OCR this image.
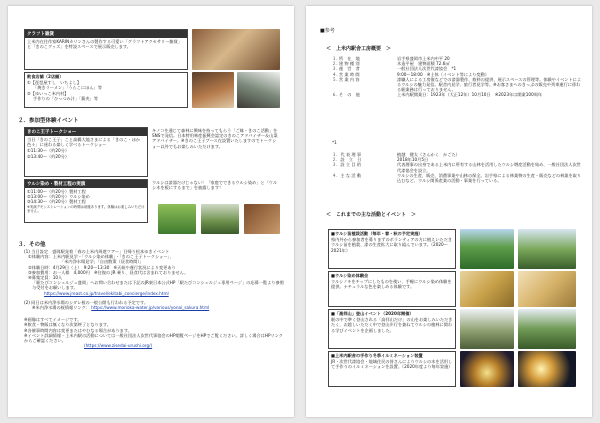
クラフト雑貨
上米内在住作家KARINカリンさんの製作する可愛い「グラフトアクセサリー雑貨」と「きのこグッズ」を特設スペースで展示販売します。
飲食店舗（2店舗）
①【琵琶屋すし　いちよし】
「焼きラーメン」「うらこにほん」等
②【ゆいっこ米内村】
手作りの「ひっつみ汁」「蕎麦」等
２．参加型体験イベント
きのこ王子トークショー
当日「きのこ王子」こと高橋大地さまによる「きのこ・ほか色々」に迷わる楽しく学べるトークショー
①11:30〜（約20分）
②13:40〜（約20分）
キノコを通じて森林に興味を持ってもらう「ご縁・きのこ活動」をSNSで発信。日本特用林産振興会認定のきのこアドバイザー＆山菜アドバイザー。※きのこ王子ブース在設置いたしますのでトークショー以外でもお楽しみいただけます。
ウルシ染め・製材工程の実演
①11:00〜（約20分）製材工程
②13:00〜（約20分）ウルシ染め
③14:30〜（約20分）製材工程
※実演デモンストレーションの時間は前後あります。体験はお楽しみいただけません。
ウルシは漆器だけじゃない！「家庭でできるウルシ染め」と「ウルシ木を板にするまで」を披露します！
３．その他
(1) 当日設定　盛岡駅発着「春の上米内周遊ツアー」日帰り松本ゆきイベント
①体験内容：上米内駅見学・「ウルシ染め体験」・「きのこ王子トークショー」、
「米内浄水場見学」「自由散策（昼食時間）」
②体験日時：4月29日（土）　9:20〜13:30　※天候や運行状況により変更あり
③参加費用：お一人様　4,000円　※往復の JR 乗り、昼食代は含まれておりません。
④募集定員：10人
「駅たびコンシェルジュ盛岡」へお問い合わせまたは下記のJR東日本公式HP「駅たびコンシェルジュ専用ページ」の応募一覧より参照与受付をお願いします。
https://www.jreast.co.jp/travel/ekitabi_concierge/index.html
(2) 同日は米内浄水場のシダレ桜の一般公開も行われる予定です。
※米内浄水場の桜情報リンク： https://www.morioka-water.jp/various/yonai_sakura.html
※画像はすべてイメージです。
※飲食・物販は無くなり次第終了となります。
※各催事時間内容は変更またはやむなる場合があります。
※イベント詳細情報・上米内駅の活動については一般社団法人次世代事協会のHP閲覧ページをHPでご覧ください。詳しく場合はHPリンクからご確認ください。
(https://www.zisedai-urushi.org/)
■参考
＜　上米内駅舎工房概要　＞
１. 所　在　地	岩手県盛岡市上米内中平 20
２. 建 物 種 別	木造平屋　建物面積 72.6㎡
３. 運　営　者	一般社団法人次世代漆協会　*1
４. 営 業 時 間	9:00〜18:00　※土休（イベント等により変動）
５. 営 業 内 容	漆職人による工房復などでの漆器製作、飲料の提供、展示スペースの管理等。体験やイベントによるウルシの魅力発信。駅舎内見学、旅行者見学等。※お客さまへのきっぷの販売や列車運行に係わる駅業務は行っておりません。
６. そ　の　他	上米内駅開業日：1923年（大正12年）10月10日　※2023年は開業100周年
*1
１．代 表 理 事	植越　健太（さんかく　かごた）
２．設　立　日	2018年10月5日
３．設 立 目 的	代表理事の出身である上米内に所有する山林を活用したウルシ増産活動を始め、一般社団法人次世代漆協会を設立。
４．主 な 活 動	ウルシの生産、販売、消費事業や山林の保全。岩手県による林業物の生産・販売などの林業を取り込むなど、ウルシ関係産業の活動・事業を行っている。
＜　これまでの主な活動とイベント　＞
■ウルシ苗植栽活動（毎年・春・秋の予定実施）
県内外から参加者を募りまずのボランティアの方に植えいただきウルシ苗を植栽、漆の生産拡大に取り組んでいます。（2020〜2021年）
■ウルシ染め体験会
ウルシノキをチップにしたものを使い、手軽にウルシ染め体験を提供。ナチュラルな色を楽しめる体験です。
■「高拝山」登山イベント（2020年開催）
駅の中で準く登山される「高拝山だけ」の山をお楽しみいただきたく、お越しいただく中で登山歩行を兼ねてウルシの植林に関わる学びイベントを企画しました。
■上米内駅舎の手作り冬季イルミネーション装置
JR・次世代漆協会・地域住民の皆さんによりウルシの木を活用して手作りのイルミネーションを設置。（2020年度より毎年実施）
